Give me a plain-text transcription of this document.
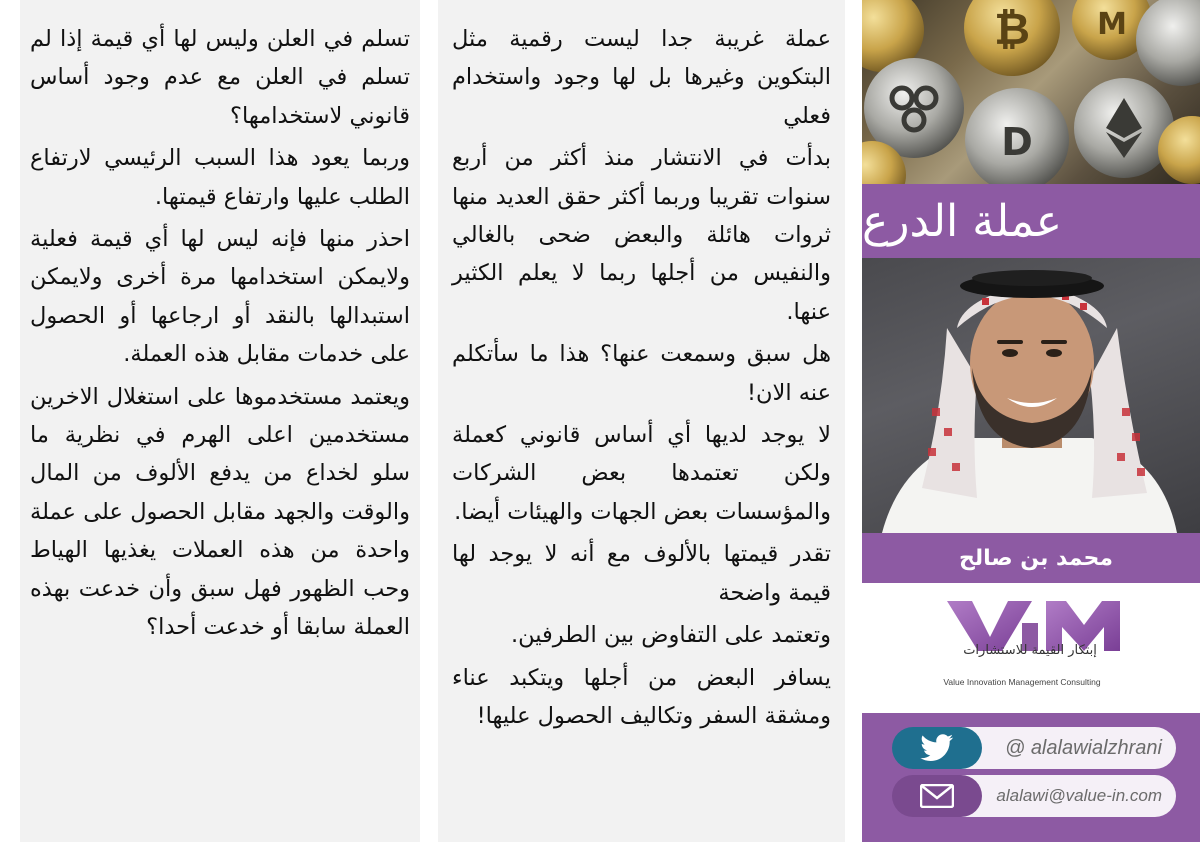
تسلم في العلن وليس لها أي قيمة إذا لم تسلم في العلن مع عدم وجود أساس قانوني لاستخدامها؟

وربما يعود هذا السبب الرئيسي لارتفاع الطلب عليها وارتفاع قيمتها.

احذر منها فإنه ليس لها أي قيمة فعلية ولايمكن استخدامها مرة أخرى ولايمكن استبدالها بالنقد أو ارجاعها أو الحصول على خدمات مقابل هذه العملة.

ويعتمد مستخدموها على استغلال الاخرين مستخدمين اعلى الهرم في نظرية ما سلو لخداع من يدفع الألوف من المال والوقت والجهد مقابل الحصول على عملة واحدة من هذه العملات يغذيها الهياط وحب الظهور فهل سبق وأن خدعت بهذه العملة سابقا أو خدعت أحدا؟

عملة غريبة جدا ليست رقمية مثل البتكوين وغيرها بل لها وجود واستخدام فعلي

بدأت في الانتشار منذ أكثر من أربع سنوات تقريبا وربما أكثر حقق العديد منها ثروات هائلة والبعض ضحى بالغالي والنفيس من أجلها ربما لا يعلم الكثير عنها.

هل سبق وسمعت عنها؟ هذا ما سأتكلم عنه الان!

لا يوجد لديها أي أساس قانوني كعملة ولكن تعتمدها بعض الشركات والمؤسسات بعض الجهات والهيئات أيضا.

تقدر قيمتها بالألوف مع أنه لا يوجد لها قيمة واضحة

وتعتمد على التفاوض بين الطرفين.

يسافر البعض من أجلها ويتكبد عناء ومشقة السفر وتكاليف الحصول عليها!

₿ M
D
عملة الدرع
محمد بن صالح
إبتكار القيمة للاستشارات
Value Innovation Management Consulting
@ alalawialzhrani
alalawi@value-in.com
